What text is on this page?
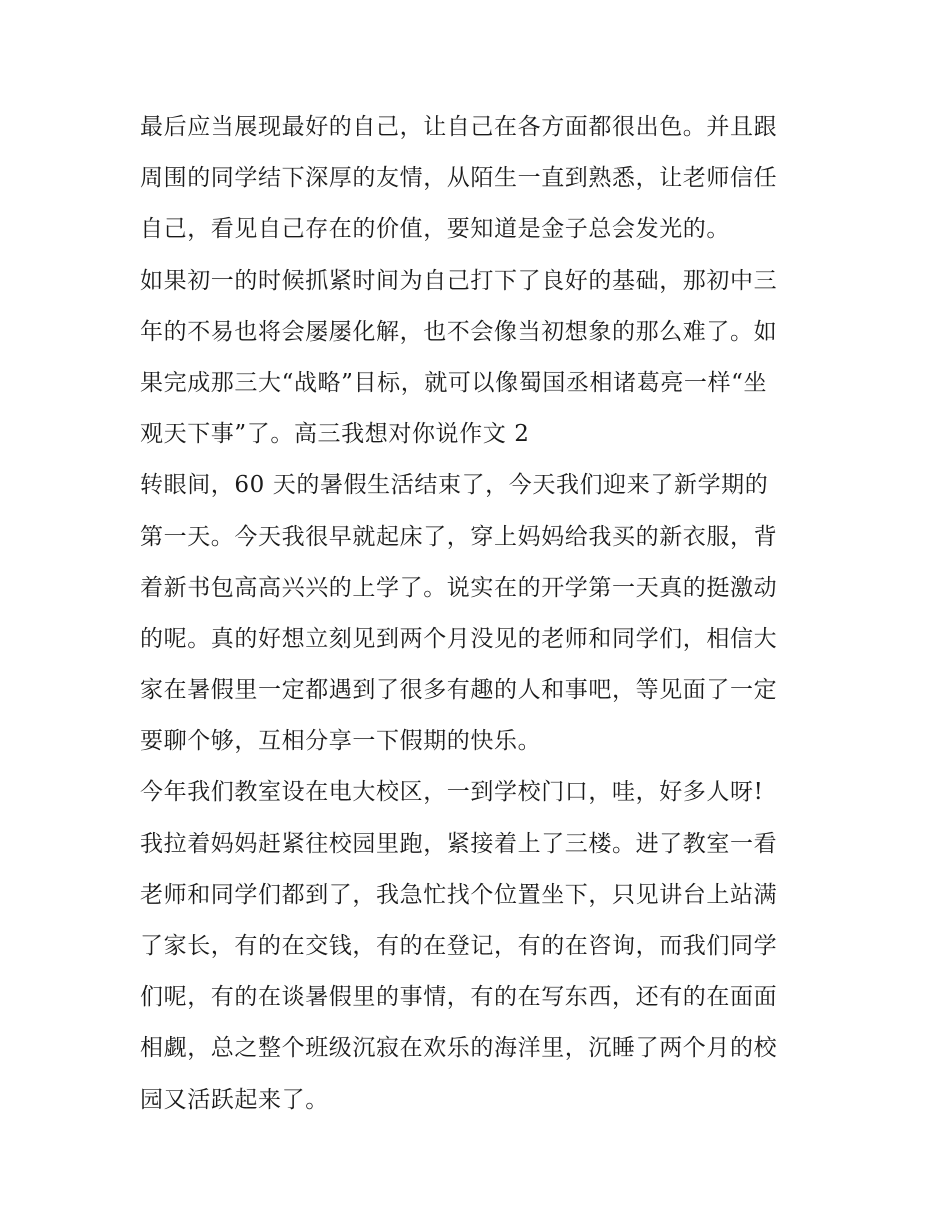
最后应当展现最好的自己，让自己在各方面都很出色。并且跟
周围的同学结下深厚的友情，从陌生一直到熟悉，让老师信任
自己，看见自己存在的价值，要知道是金子总会发光的。
如果初一的时候抓紧时间为自己打下了良好的基础，那初中三
年的不易也将会屡屡化解，也不会像当初想象的那么难了。如
果完成那三大“战略”目标，就可以像蜀国丞相诸葛亮一样“坐
观天下事”了。高三我想对你说作文 2
转眼间，60 天的暑假生活结束了，今天我们迎来了新学期的
第一天。今天我很早就起床了，穿上妈妈给我买的新衣服，背
着新书包高高兴兴的上学了。说实在的开学第一天真的挺激动
的呢。真的好想立刻见到两个月没见的老师和同学们，相信大
家在暑假里一定都遇到了很多有趣的人和事吧，等见面了一定
要聊个够，互相分享一下假期的快乐。
今年我们教室设在电大校区，一到学校门口，哇，好多人呀!
我拉着妈妈赶紧往校园里跑，紧接着上了三楼。进了教室一看
老师和同学们都到了，我急忙找个位置坐下，只见讲台上站满
了家长，有的在交钱，有的在登记，有的在咨询，而我们同学
们呢，有的在谈暑假里的事情，有的在写东西，还有的在面面
相觑，总之整个班级沉寂在欢乐的海洋里，沉睡了两个月的校
园又活跃起来了。
